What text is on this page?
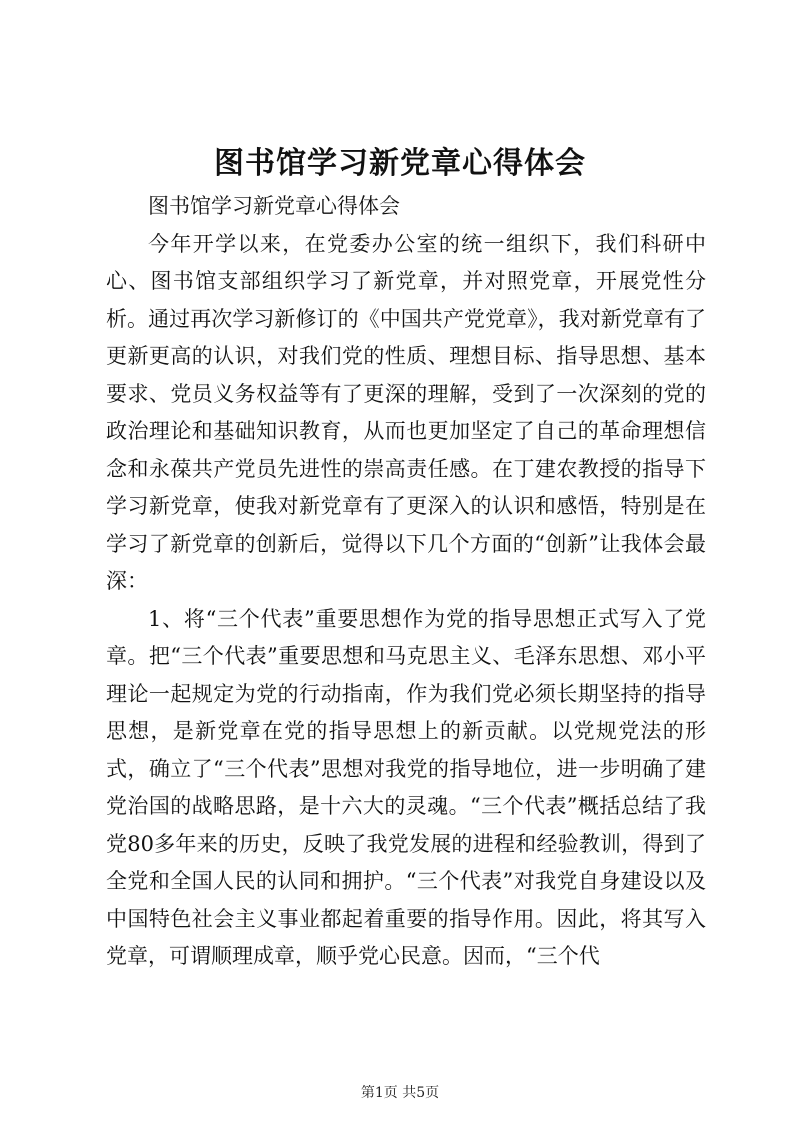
图书馆学习新党章心得体会

图书馆学习新党章心得体会

今年开学以来，在党委办公室的统一组织下，我们科研中心、图书馆支部组织学习了新党章，并对照党章，开展党性分析。通过再次学习新修订的《中国共产党党章》，我对新党章有了更新更高的认识，对我们党的性质、理想目标、指导思想、基本要求、党员义务权益等有了更深的理解，受到了一次深刻的党的政治理论和基础知识教育，从而也更加坚定了自己的革命理想信念和永葆共产党员先进性的崇高责任感。在丁建农教授的指导下学习新党章，使我对新党章有了更深入的认识和感悟，特别是在学习了新党章的创新后，觉得以下几个方面的“创新”让我体会最深：

1、将“三个代表”重要思想作为党的指导思想正式写入了党章。把“三个代表”重要思想和马克思主义、毛泽东思想、邓小平理论一起规定为党的行动指南，作为我们党必须长期坚持的指导思想，是新党章在党的指导思想上的新贡献。以党规党法的形式，确立了“三个代表”思想对我党的指导地位，进一步明确了建党治国的战略思路，是十六大的灵魂。“三个代表”概括总结了我党80多年来的历史，反映了我党发展的进程和经验教训，得到了全党和全国人民的认同和拥护。“三个代表”对我党自身建设以及中国特色社会主义事业都起着重要的指导作用。因此，将其写入党章，可谓顺理成章，顺乎党心民意。因而，“三个代

第1页 共5页
